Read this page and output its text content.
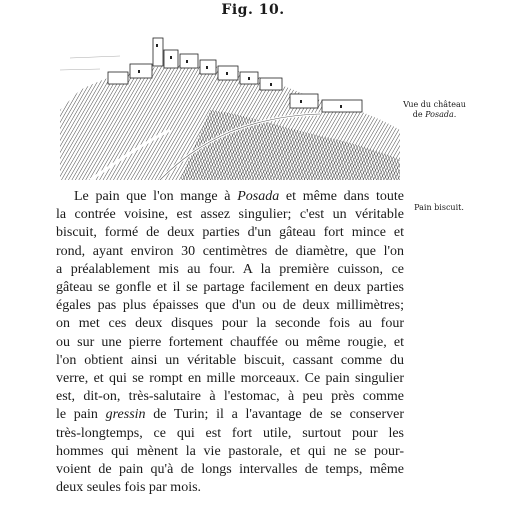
Fig. 10.
Vue du château
de Posada.
Pain biscuit.
Le pain que l'on mange à Posada et même dans toute
la contrée voisine, est assez singulier; c'est un véritable
biscuit, formé de deux parties d'un gâteau fort mince et
rond, ayant environ 30 centimètres de diamètre, que l'on
a préalablement mis au four. A la première cuisson, ce
gâteau se gonfle et il se partage facilement en deux parties
égales pas plus épaisses que d'un ou de deux millimètres;
on met ces deux disques pour la seconde fois au four
ou sur une pierre fortement chauffée ou même rougie, et
l'on obtient ainsi un véritable biscuit, cassant comme du
verre, et qui se rompt en mille morceaux. Ce pain singulier
est, dit-on, très-salutaire à l'estomac, à peu près comme
le pain gressin de Turin; il a l'avantage de se conserver
très-longtemps, ce qui est fort utile, surtout pour les
hommes qui mènent la vie pastorale, et qui ne se pour-
voient de pain qu'à de longs intervalles de temps, même
deux seules fois par mois.
